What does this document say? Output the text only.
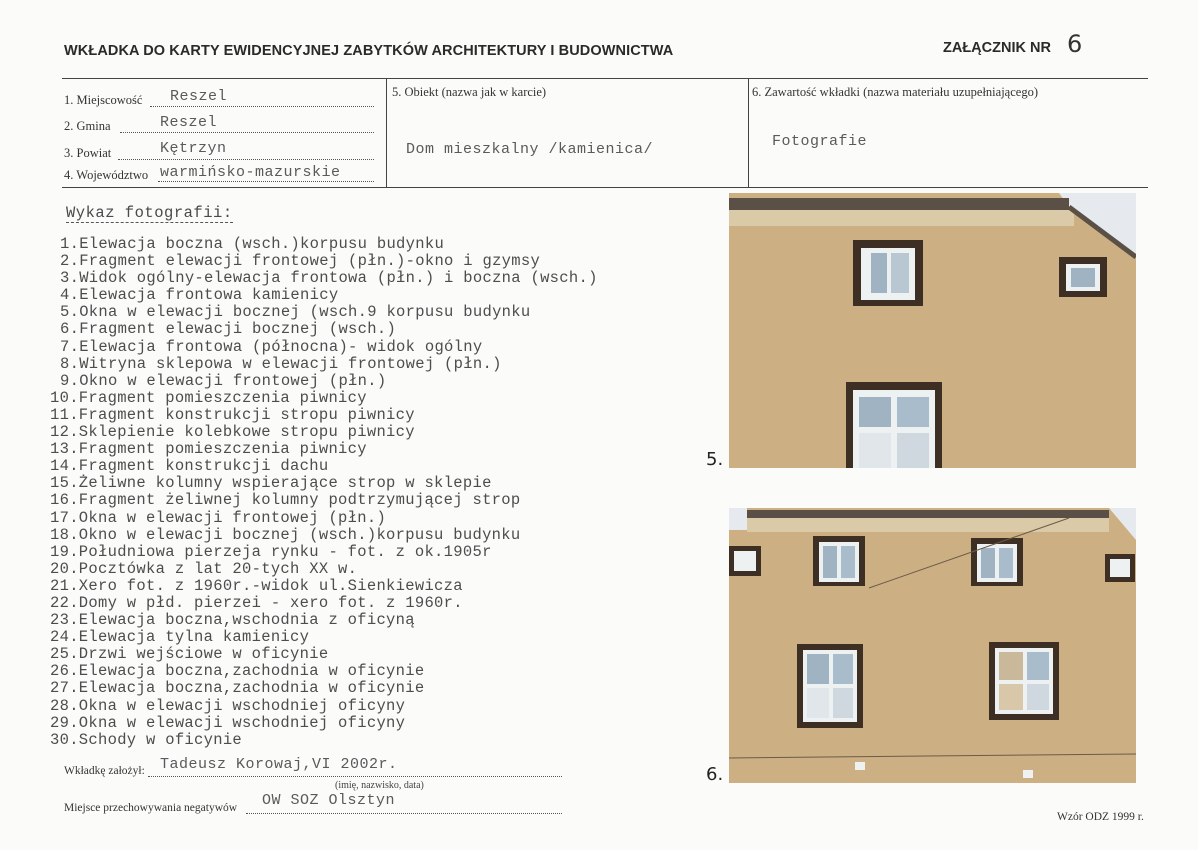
WKŁADKA DO KARTY EWIDENCYJNEJ ZABYTKÓW ARCHITEKTURY I BUDOWNICTWA	ZAŁĄCZNIK NR 6
1. Miejscowość Reszel
2. Gmina	Reszel
3. Powiat	Kętrzyn
4. Województwo warmińsko-mazurskie
5. Obiekt (nazwa jak w karcie)
Dom mieszkalny /kamienica/
6. Zawartość wkładki (nazwa materiału uzupełniającego)
Fotografie
Wykaz fotografii:
1.Elewacja boczna (wsch.)korpusu budynku
2.Fragment elewacji frontowej (płn.)-okno i gzymsy
3.Widok ogólny-elewacja frontowa (płn.) i boczna (wsch.)
4.Elewacja frontowa kamienicy
5.Okna w elewacji bocznej (wsch.9 korpusu budynku
6.Fragment elewacji bocznej (wsch.)
7.Elewacja frontowa (północna)- widok ogólny
8.Witryna sklepowa w elewacji frontowej (płn.)
9.Okno w elewacji frontowej (płn.)
10.Fragment pomieszczenia piwnicy
11.Fragment konstrukcji stropu piwnicy
12.Sklepienie kolebkowe stropu piwnicy
13.Fragment pomieszczenia piwnicy
14.Fragment konstrukcji dachu
15.Żeliwne kolumny wspierające strop w sklepie
16.Fragment żeliwnej kolumny podtrzymującej strop
17.Okna w elewacji frontowej (płn.)
18.Okno w elewacji bocznej (wsch.)korpusu budynku
19.Południowa pierzeja rynku - fot. z ok.1905r
20.Pocztówka z lat 20-tych XX w.
21.Xero fot. z 1960r.-widok ul.Sienkiewicza
22.Domy w płd. pierzei - xero fot. z 1960r.
23.Elewacja boczna,wschodnia z oficyną
24.Elewacja tylna kamienicy
25.Drzwi wejściowe w oficynie
26.Elewacja boczna,zachodnia w oficynie
27.Elewacja boczna,zachodnia w oficynie
28.Okna w elewacji wschodniej oficyny
29.Okna w elewacji wschodniej oficyny
30.Schody w oficynie
5.
6.
Wkładkę założył: Tadeusz Korowaj,VI 2002r.
(imię, nazwisko, data)
Miejsce przechowywania negatywów OW SOZ Olsztyn
Wzór ODZ 1999 r.
